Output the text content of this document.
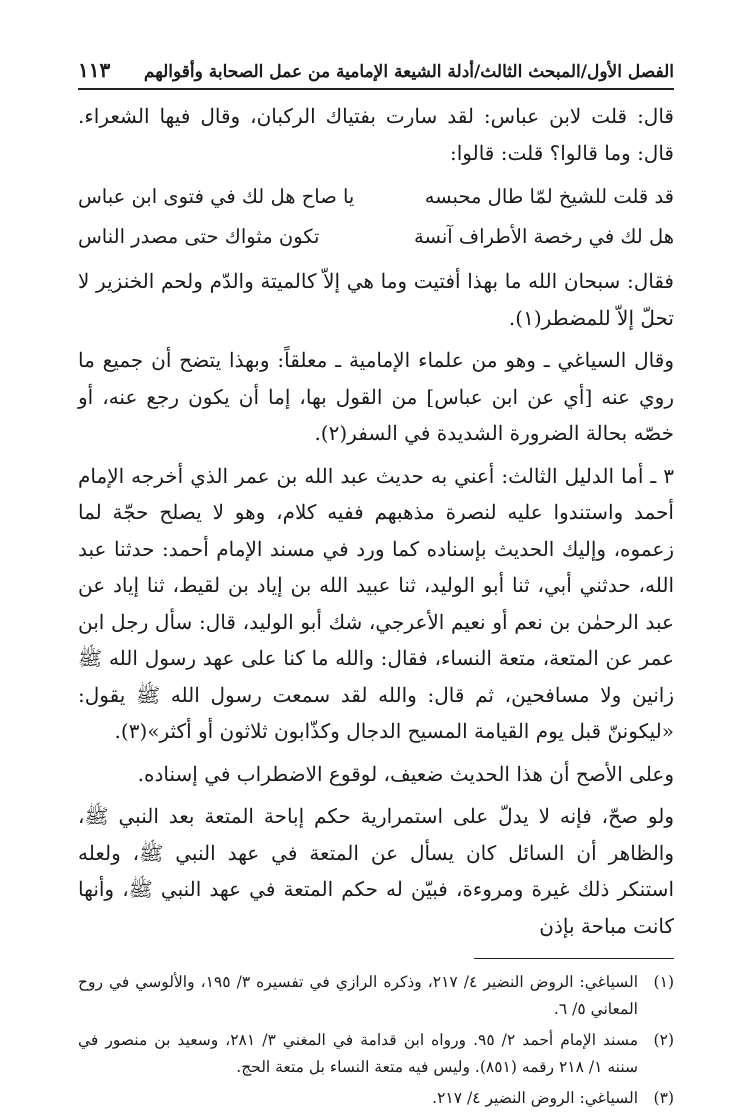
الفصل الأول/المبحث الثالث/أدلة الشيعة الإمامية من عمل الصحابة وأقوالهم
١١٣

قال: قلت لابن عباس: لقد سارت بفتياك الركبان، وقال فيها الشعراء. قال: وما قالوا؟ قلت: قالوا:

قد قلت للشيخ لمّا طال محبسه
يا صاح هل لك في فتوى ابن عباس
هل لك في رخصة الأطراف آنسة
تكون مثواك حتى مصدر الناس

فقال: سبحان الله ما بهذا أفتيت وما هي إلاّ كالميتة والدّم ولحم الخنزير لا تحلّ إلاّ للمضطر(١).

وقال السياغي ـ وهو من علماء الإمامية ـ معلقاً: وبهذا يتضح أن جميع ما روي عنه [أي عن ابن عباس] من القول بها، إما أن يكون رجع عنه، أو خصّه بحالة الضرورة الشديدة في السفر(٢).

٣ ـ أما الدليل الثالث: أعني به حديث عبد الله بن عمر الذي أخرجه الإمام أحمد واستندوا عليه لنصرة مذهبهم ففيه كلام، وهو لا يصلح حجّة لما زعموه، وإليك الحديث بإسناده كما ورد في مسند الإمام أحمد: حدثنا عبد الله، حدثني أبي، ثنا أبو الوليد، ثنا عبيد الله بن إياد بن لقيط، ثنا إياد عن عبد الرحمٰن بن نعم أو نعيم الأعرجي، شك أبو الوليد، قال: سأل رجل ابن عمر عن المتعة، متعة النساء، فقال: والله ما كنا على عهد رسول الله ﷺ زانين ولا مسافحين، ثم قال: والله لقد سمعت رسول الله ﷺ يقول: «ليكوننّ قبل يوم القيامة المسيح الدجال وكذّابون ثلاثون أو أكثر»(٣).

وعلى الأصح أن هذا الحديث ضعيف، لوقوع الاضطراب في إسناده.

ولو صحّ، فإنه لا يدلّ على استمرارية حكم إباحة المتعة بعد النبي ﷺ، والظاهر أن السائل كان يسأل عن المتعة في عهد النبي ﷺ، ولعله استنكر ذلك غيرة ومروءة، فبيّن له حكم المتعة في عهد النبي ﷺ، وأنها كانت مباحة بإذن

(١)
السياغي: الروض النضير ٤/ ٢١٧، وذكره الرازي في تفسيره ٣/ ١٩٥، والألوسي في روح المعاني ٥/ ٦.
(٢)
مسند الإمام أحمد ٢/ ٩٥. ورواه ابن قدامة في المغني ٣/ ٢٨١، وسعيد بن منصور في سننه ١/ ٢١٨ رقمه (٨٥١). وليس فيه متعة النساء بل متعة الحج.
(٣)
السياغي: الروض النضير ٤/ ٢١٧.
